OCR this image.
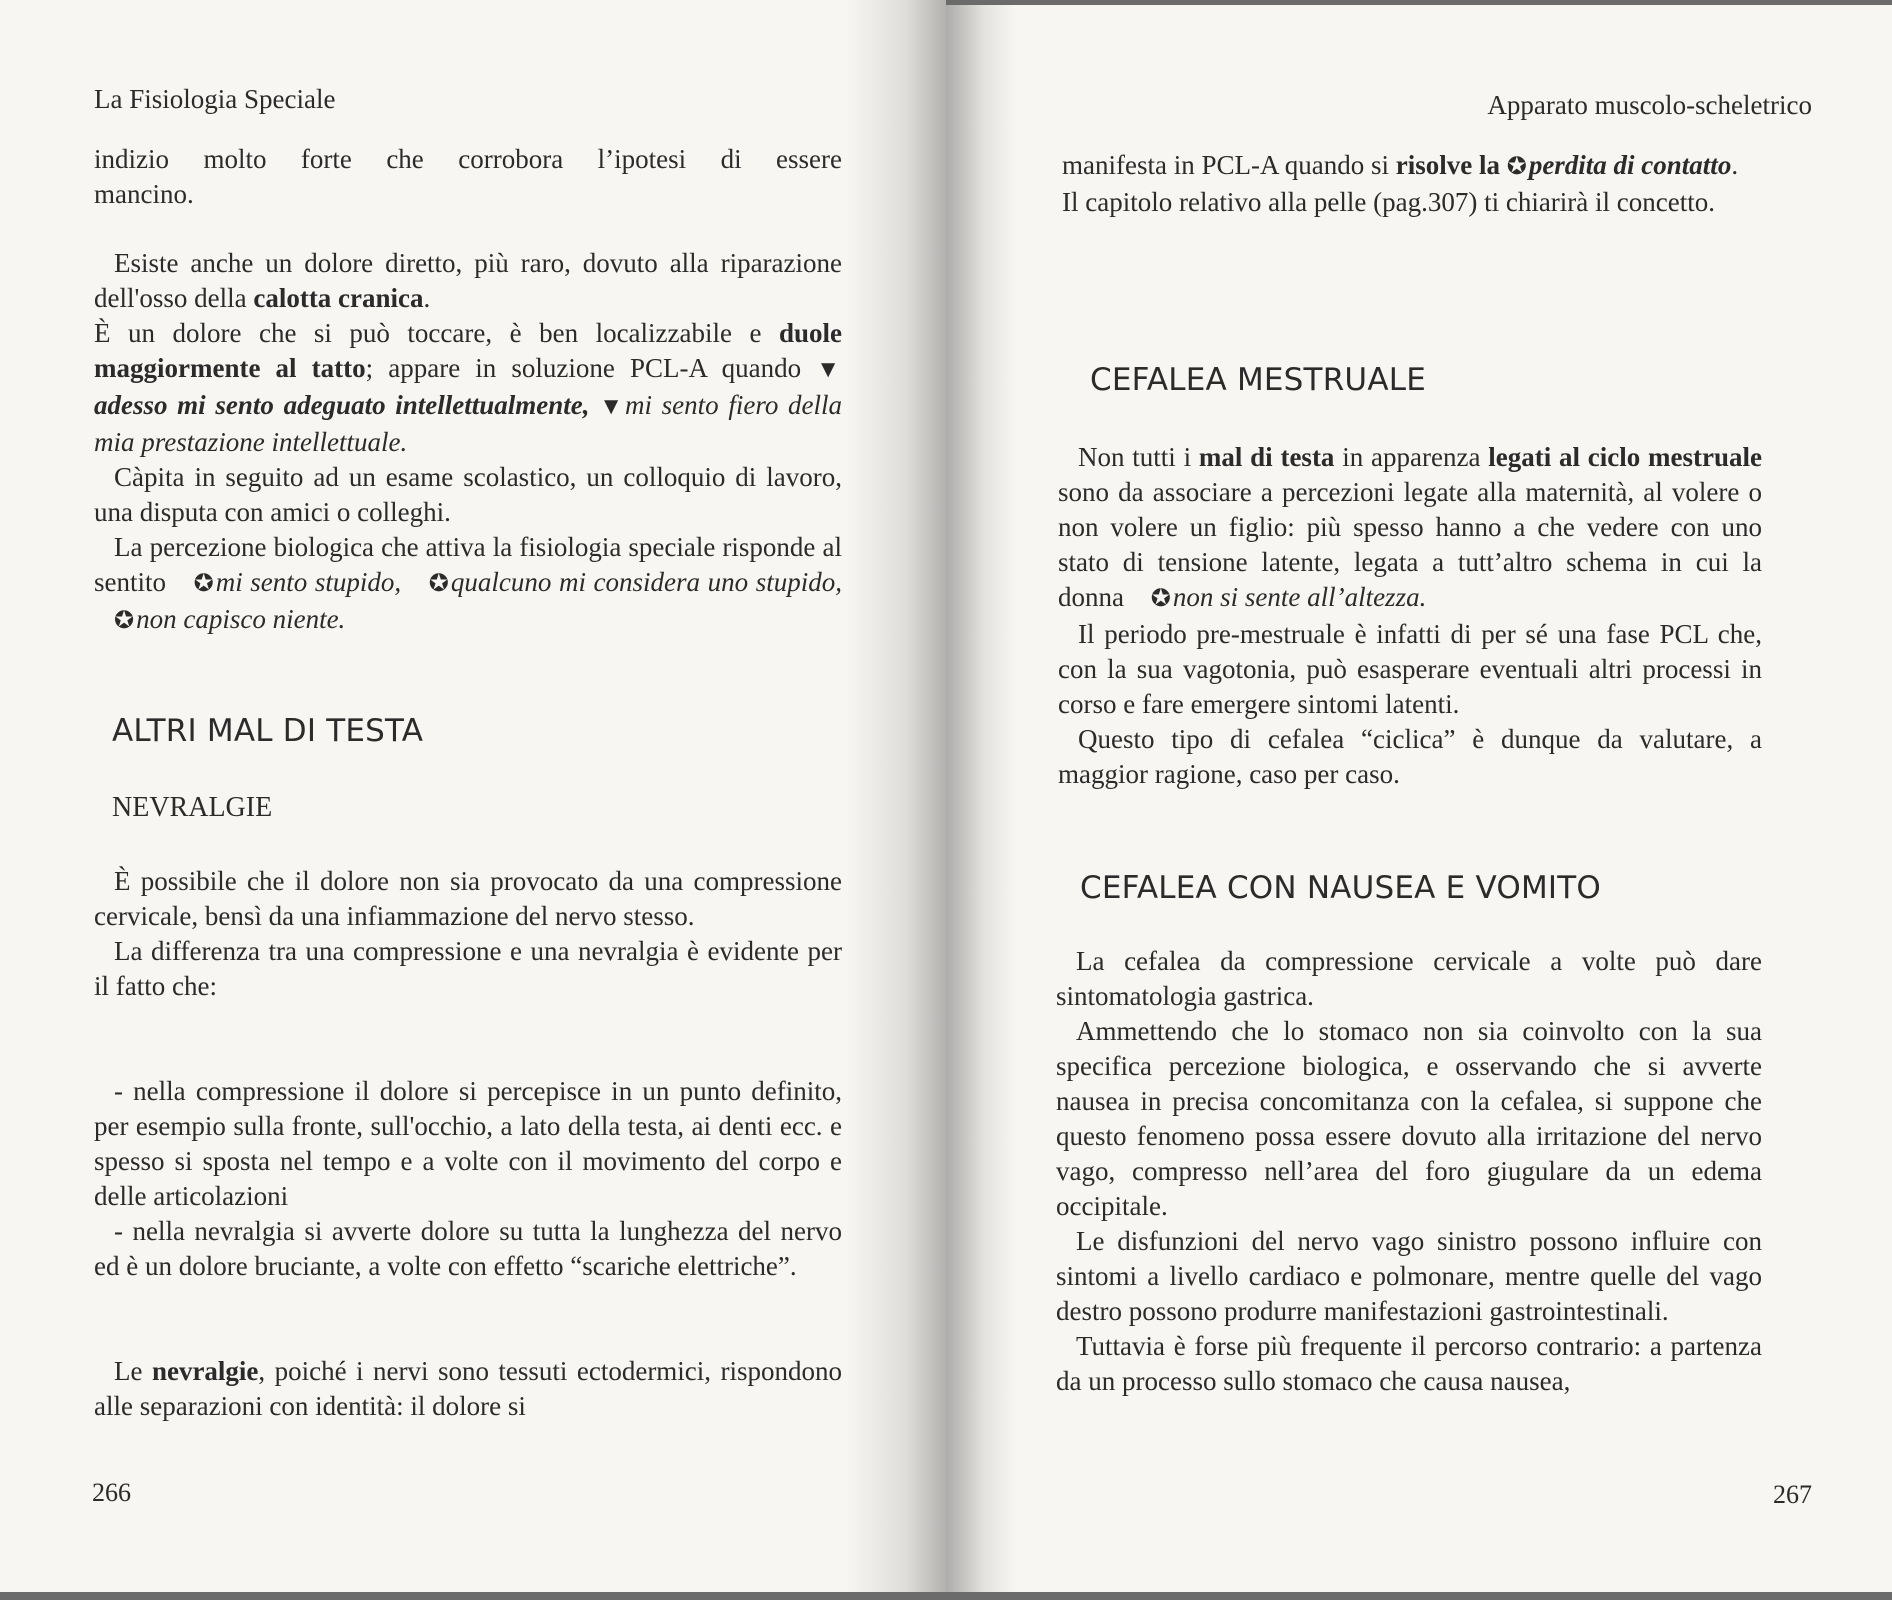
La Fisiologia Speciale
indizio molto forte che corrobora l’ipotesi di essere
mancino.

Esiste anche un dolore diretto, più raro, dovuto alla riparazione dell'osso della calotta cranica.

È un dolore che si può toccare, è ben localizzabile e duole maggiormente al tatto; appare in soluzione PCL-A quando ▼adesso mi sento adeguato intellettualmente, ▼mi sento fiero della mia prestazione intellettuale.

Càpita in seguito ad un esame scolastico, un colloquio di lavoro, una disputa con amici o colleghi.

La percezione biologica che attiva la fisiologia speciale risponde al sentito ✪mi sento stupido, ✪qualcuno mi considera uno stupido, ✪non capisco niente.

ALTRI MAL DI TESTA
NEVRALGIE

È possibile che il dolore non sia provocato da una compressione cervicale, bensì da una infiammazione del nervo stesso.

La differenza tra una compressione e una nevralgia è evidente per il fatto che:

- nella compressione il dolore si percepisce in un punto definito, per esempio sulla fronte, sull'occhio, a lato della testa, ai denti ecc. e spesso si sposta nel tempo e a volte con il movimento del corpo e delle articolazioni

- nella nevralgia si avverte dolore su tutta la lunghezza del nervo ed è un dolore bruciante, a volte con effetto “scariche elettriche”.

Le nevralgie, poiché i nervi sono tessuti ectodermici, rispondono alle separazioni con identità: il dolore si

266
Apparato muscolo-scheletrico

manifesta in PCL-A quando si risolve la ✪perdita di contatto.

Il capitolo relativo alla pelle (pag.307) ti chiarirà il concetto.

CEFALEA MESTRUALE

Non tutti i mal di testa in apparenza legati al ciclo mestruale sono da associare a percezioni legate alla maternità, al volere o non volere un figlio: più spesso hanno a che vedere con uno stato di tensione latente, legata a tutt’altro schema in cui la donna ✪non si sente all’altezza.

Il periodo pre-mestruale è infatti di per sé una fase PCL che, con la sua vagotonia, può esasperare eventuali altri processi in corso e fare emergere sintomi latenti.

Questo tipo di cefalea “ciclica” è dunque da valutare, a maggior ragione, caso per caso.

CEFALEA CON NAUSEA E VOMITO

La cefalea da compressione cervicale a volte può dare sintomatologia gastrica.

Ammettendo che lo stomaco non sia coinvolto con la sua specifica percezione biologica, e osservando che si avverte nausea in precisa concomitanza con la cefalea, si suppone che questo fenomeno possa essere dovuto alla irritazione del nervo vago, compresso nell’area del foro giugulare da un edema occipitale.

Le disfunzioni del nervo vago sinistro possono influire con sintomi a livello cardiaco e polmonare, mentre quelle del vago destro possono produrre manifestazioni gastrointestinali.

Tuttavia è forse più frequente il percorso contrario: a partenza da un processo sullo stomaco che causa nausea,

267
